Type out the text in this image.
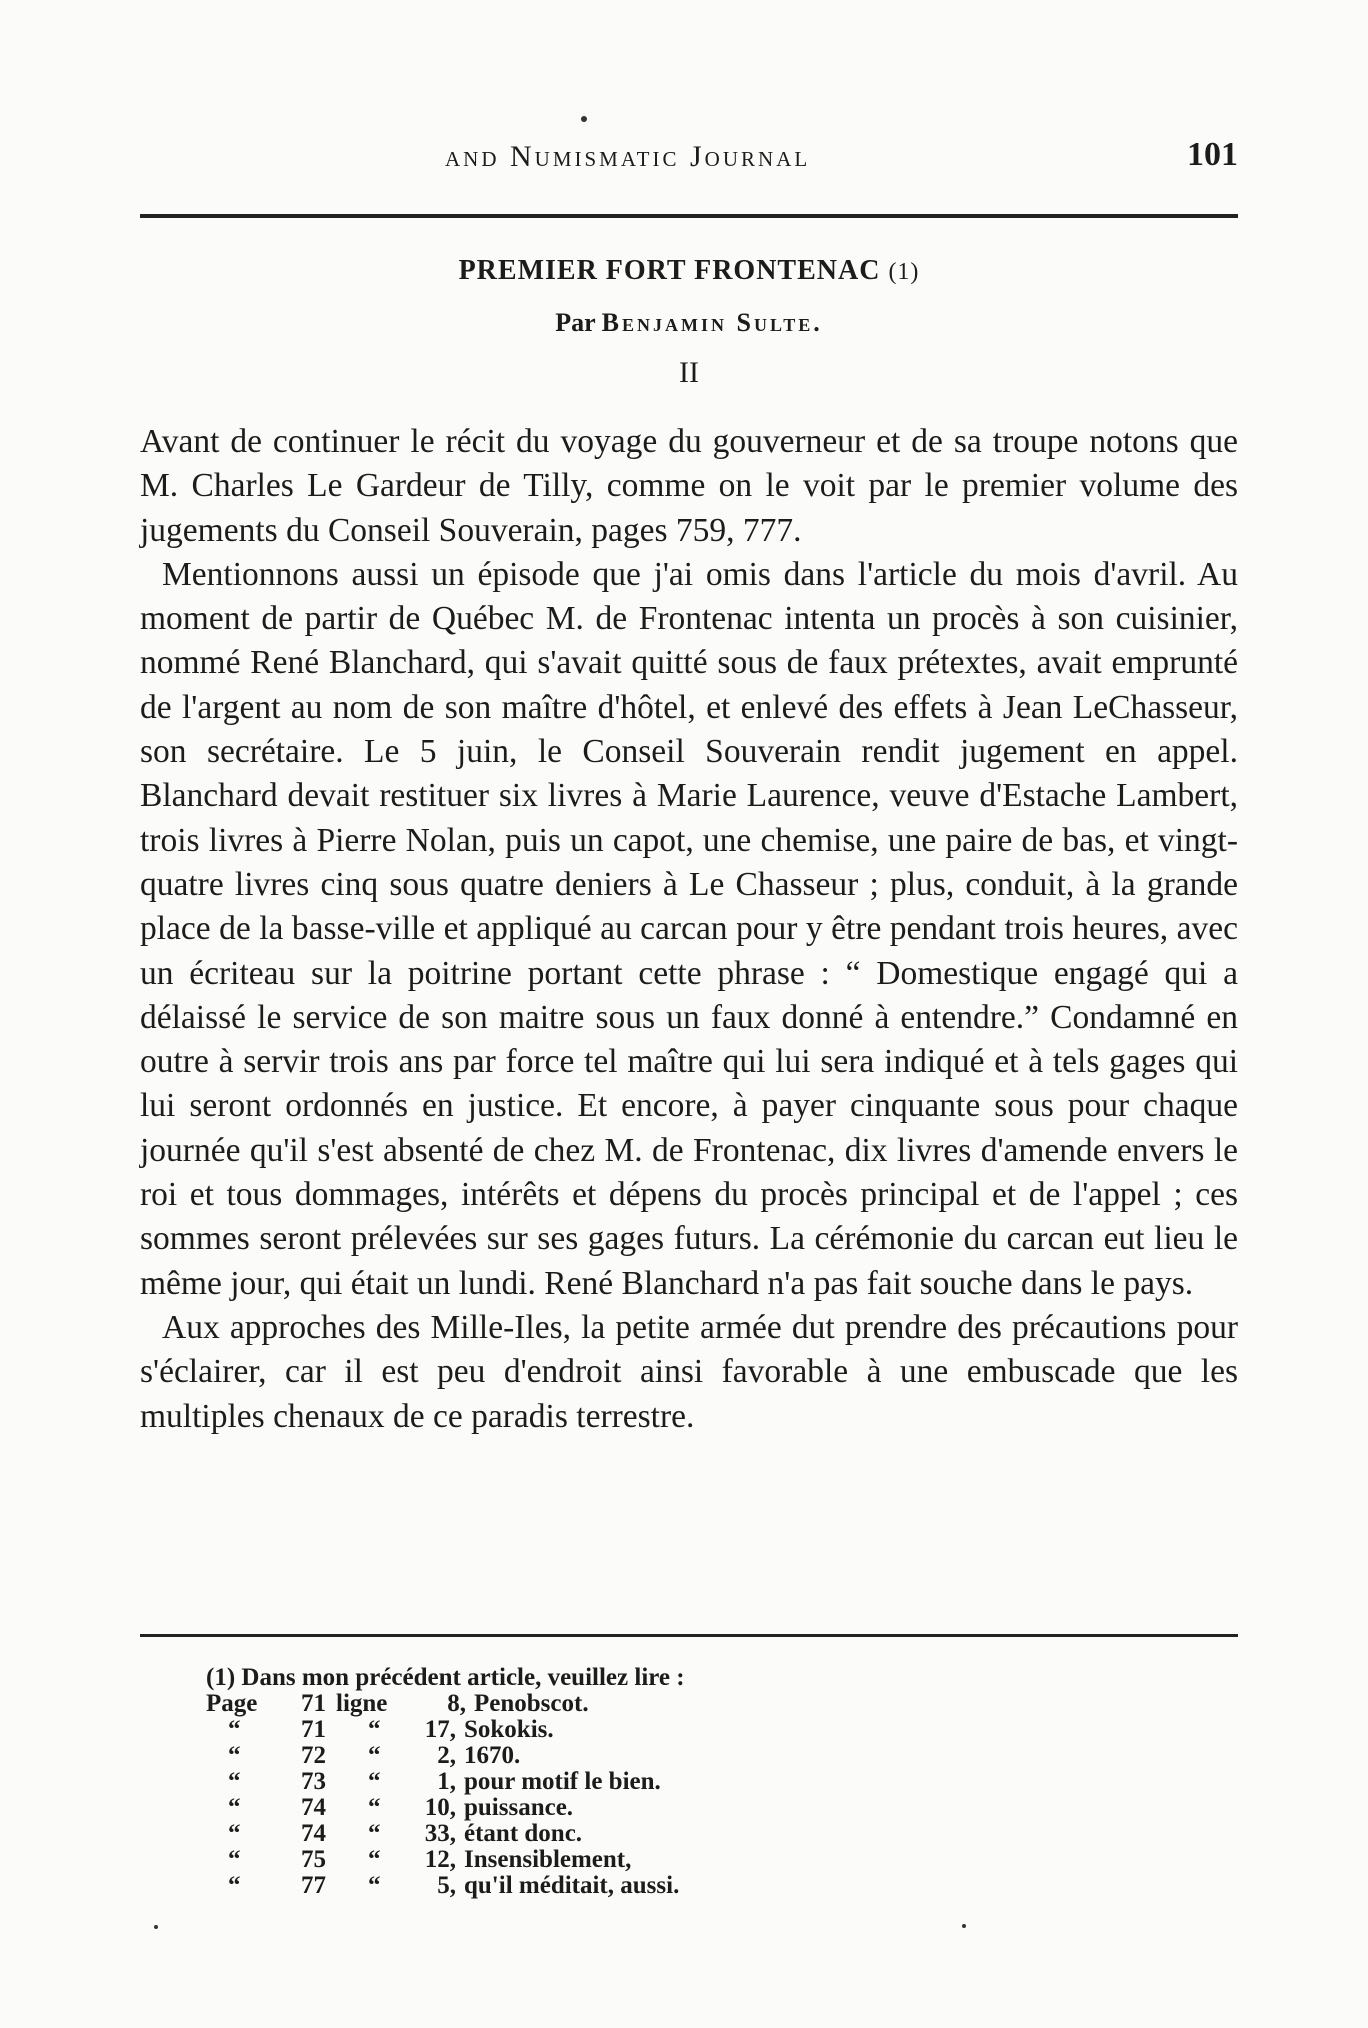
and Numismatic Journal	101
PREMIER FORT FRONTENAC (1)
Par Benjamin Sulte.
II

Avant de continuer le récit du voyage du gouverneur et de sa troupe notons que M. Charles Le Gardeur de Tilly, comme on le voit par le premier volume des jugements du Conseil Souverain, pages 759, 777.

Mentionnons aussi un épisode que j'ai omis dans l'article du mois d'avril. Au moment de partir de Québec M. de Frontenac intenta un procès à son cuisinier, nommé René Blanchard, qui s'avait quitté sous de faux prétextes, avait emprunté de l'argent au nom de son maître d'hôtel, et enlevé des effets à Jean LeChasseur, son secrétaire. Le 5 juin, le Conseil Souverain rendit jugement en appel. Blanchard devait restituer six livres à Marie Laurence, veuve d'Estache Lambert, trois livres à Pierre Nolan, puis un capot, une chemise, une paire de bas, et vingt-quatre livres cinq sous quatre deniers à Le Chasseur ; plus, conduit, à la grande place de la basse-ville et appliqué au carcan pour y être pendant trois heures, avec un écriteau sur la poitrine portant cette phrase : “ Domestique engagé qui a délaissé le service de son maitre sous un faux donné à entendre.” Condamné en outre à servir trois ans par force tel maître qui lui sera indiqué et à tels gages qui lui seront ordonnés en justice. Et encore, à payer cinquante sous pour chaque journée qu'il s'est absenté de chez M. de Frontenac, dix livres d'amende envers le roi et tous dommages, intérêts et dépens du procès principal et de l'appel ; ces sommes seront prélevées sur ses gages futurs. La cérémonie du carcan eut lieu le même jour, qui était un lundi. René Blanchard n'a pas fait souche dans le pays.

Aux approches des Mille-Iles, la petite armée dut prendre des précautions pour s'éclairer, car il est peu d'endroit ainsi favorable à une embuscade que les multiples chenaux de ce paradis terrestre.

(1) Dans mon précédent article, veuillez lire :

Page	71 ligne	8, Penobscot.
“	71	“	17, Sokokis.
“	72	“	2, 1670.
“	73	“	1, pour motif le bien.
“	74	“	10, puissance.
“	74	“	33, étant donc.
“	75	“	12, Insensiblement,
“	77	“	5, qu'il méditait, aussi.
